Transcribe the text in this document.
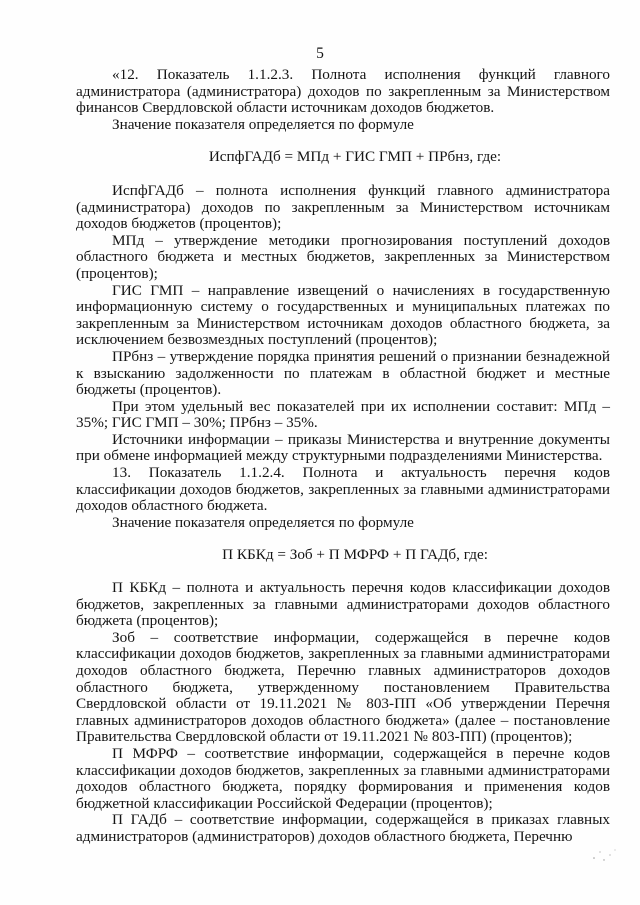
5

«12. Показатель 1.1.2.3. Полнота исполнения функций главного администратора (администратора) доходов по закрепленным за Министерством финансов Свердловской области источникам доходов бюджетов.

Значение показателя определяется по формуле

ИспфГАДб = МПд + ГИС ГМП + ПРбнз, где:

ИспфГАДб – полнота исполнения функций главного администратора (администратора) доходов по закрепленным за Министерством источникам доходов бюджетов (процентов);

МПд – утверждение методики прогнозирования поступлений доходов областного бюджета и местных бюджетов, закрепленных за Министерством (процентов);

ГИС ГМП – направление извещений о начислениях в государственную информационную систему о государственных и муниципальных платежах по закрепленным за Министерством источникам доходов областного бюджета, за исключением безвозмездных поступлений (процентов);

ПРбнз – утверждение порядка принятия решений о признании безнадежной к взысканию задолженности по платежам в областной бюджет и местные бюджеты (процентов).

При этом удельный вес показателей при их исполнении составит: МПд – 35%; ГИС ГМП – 30%; ПРбнз – 35%.

Источники информации – приказы Министерства и внутренние документы при обмене информацией между структурными подразделениями Министерства.

13. Показатель 1.1.2.4. Полнота и актуальность перечня кодов классификации доходов бюджетов, закрепленных за главными администраторами доходов областного бюджета.

Значение показателя определяется по формуле

П КБКд = Зоб + П МФРФ + П ГАДб, где:

П КБКд – полнота и актуальность перечня кодов классификации доходов бюджетов, закрепленных за главными администраторами доходов областного бюджета (процентов);

Зоб – соответствие информации, содержащейся в перечне кодов классификации доходов бюджетов, закрепленных за главными администраторами доходов областного бюджета, Перечню главных администраторов доходов областного бюджета, утвержденному постановлением Правительства Свердловской области от 19.11.2021 № 803-ПП «Об утверждении Перечня главных администраторов доходов областного бюджета» (далее – постановление Правительства Свердловской области от 19.11.2021 № 803-ПП) (процентов);

П МФРФ – соответствие информации, содержащейся в перечне кодов классификации доходов бюджетов, закрепленных за главными администраторами доходов областного бюджета, порядку формирования и применения кодов бюджетной классификации Российской Федерации (процентов);

П ГАДб – соответствие информации, содержащейся в приказах главных администраторов (администраторов) доходов областного бюджета, Перечню
